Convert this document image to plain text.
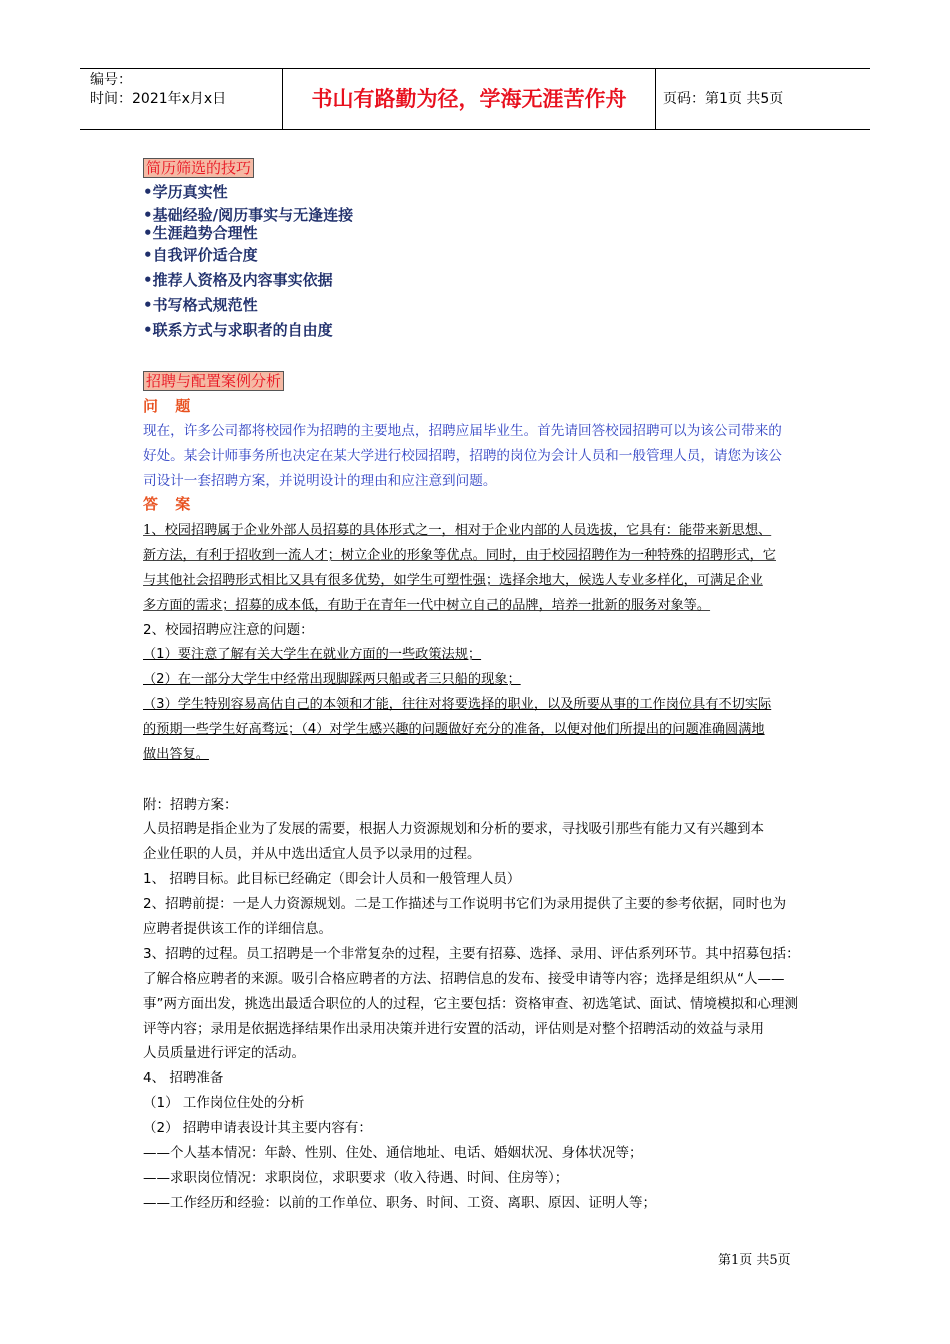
编号：
时间：2021年x月x日	书山有路勤为径，学海无涯苦作舟	页码：第1页 共5页
简历筛选的技巧
•学历真实性
•基础经验/阅历事实与无逢连接
•生涯趋势合理性
•自我评价适合度
•推荐人资格及内容事实依据
•书写格式规范性
•联系方式与求职者的自由度
招聘与配置案例分析
问 题
现在，许多公司都将校园作为招聘的主要地点，招聘应届毕业生。首先请回答校园招聘可以为该公司带来的
好处。某会计师事务所也决定在某大学进行校园招聘，招聘的岗位为会计人员和一般管理人员，请您为该公
司设计一套招聘方案，并说明设计的理由和应注意到问题。
答 案
1、校园招聘属于企业外部人员招募的具体形式之一，相对于企业内部的人员选拔，它具有：能带来新思想、
新方法，有利于招收到一流人才；树立企业的形象等优点。同时，由于校园招聘作为一种特殊的招聘形式，它
与其他社会招聘形式相比又具有很多优势，如学生可塑性强；选择余地大，候选人专业多样化，可满足企业
多方面的需求；招募的成本低，有助于在青年一代中树立自己的品牌，培养一批新的服务对象等。
2、校园招聘应注意的问题：
（1）要注意了解有关大学生在就业方面的一些政策法规；
（2）在一部分大学生中经常出现脚踩两只船或者三只船的现象；
（3）学生特别容易高估自己的本领和才能，往往对将要选择的职业，以及所要从事的工作岗位具有不切实际
的预期一些学生好高骛远；（4）对学生感兴趣的问题做好充分的准备，以便对他们所提出的问题准确圆满地
做出答复。
附：招聘方案：
人员招聘是指企业为了发展的需要，根据人力资源规划和分析的要求，寻找吸引那些有能力又有兴趣到本
企业任职的人员，并从中选出适宜人员予以录用的过程。
1、 招聘目标。此目标已经确定（即会计人员和一般管理人员）
2、招聘前提：一是人力资源规划。二是工作描述与工作说明书它们为录用提供了主要的参考依据，同时也为
应聘者提供该工作的详细信息。
3、招聘的过程。员工招聘是一个非常复杂的过程，主要有招募、选择、录用、评估系列环节。其中招募包括：
了解合格应聘者的来源。吸引合格应聘者的方法、招聘信息的发布、接受申请等内容；选择是组织从“人——
事”两方面出发，挑选出最适合职位的人的过程，它主要包括：资格审查、初选笔试、面试、情境模拟和心理测
评等内容；录用是依据选择结果作出录用决策并进行安置的活动，评估则是对整个招聘活动的效益与录用
人员质量进行评定的活动。
4、 招聘准备
（1） 工作岗位住处的分析
（2） 招聘申请表设计其主要内容有：
——个人基本情况：年龄、性别、住处、通信地址、电话、婚姻状况、身体状况等；
——求职岗位情况：求职岗位，求职要求（收入待遇、时间、住房等）；
——工作经历和经验：以前的工作单位、职务、时间、工资、离职、原因、证明人等；
第1页 共5页
